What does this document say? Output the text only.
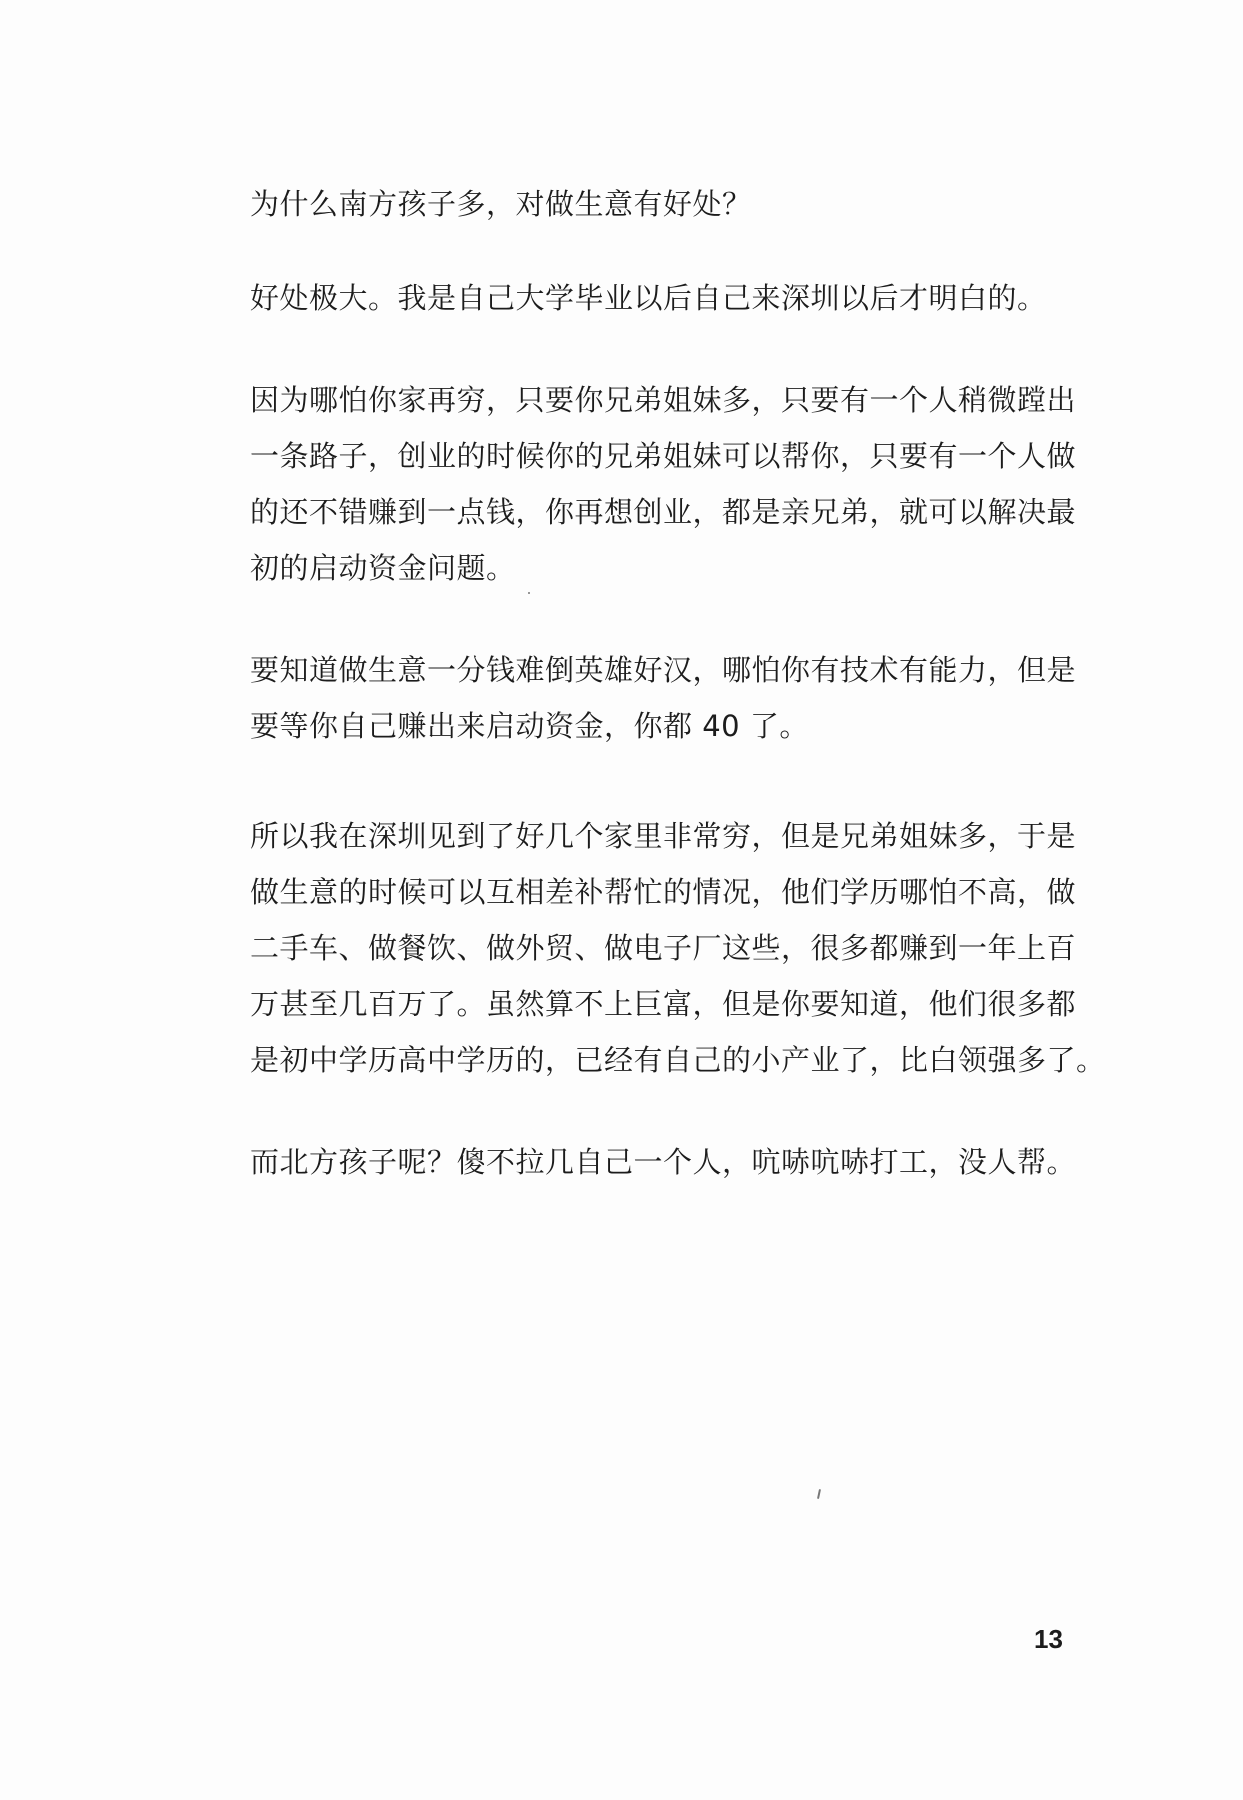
为什么南方孩子多，对做生意有好处？

好处极大。我是自己大学毕业以后自己来深圳以后才明白的。

因为哪怕你家再穷，只要你兄弟姐妹多，只要有一个人稍微蹚出
一条路子，创业的时候你的兄弟姐妹可以帮你，只要有一个人做
的还不错赚到一点钱，你再想创业，都是亲兄弟，就可以解决最
初的启动资金问题。

要知道做生意一分钱难倒英雄好汉，哪怕你有技术有能力，但是
要等你自己赚出来启动资金，你都 40 了。

所以我在深圳见到了好几个家里非常穷，但是兄弟姐妹多，于是
做生意的时候可以互相差补帮忙的情况，他们学历哪怕不高，做
二手车、做餐饮、做外贸、做电子厂这些，很多都赚到一年上百
万甚至几百万了。虽然算不上巨富，但是你要知道，他们很多都
是初中学历高中学历的，已经有自己的小产业了，比白领强多了。

而北方孩子呢？傻不拉几自己一个人，吭哧吭哧打工，没人帮。

13
